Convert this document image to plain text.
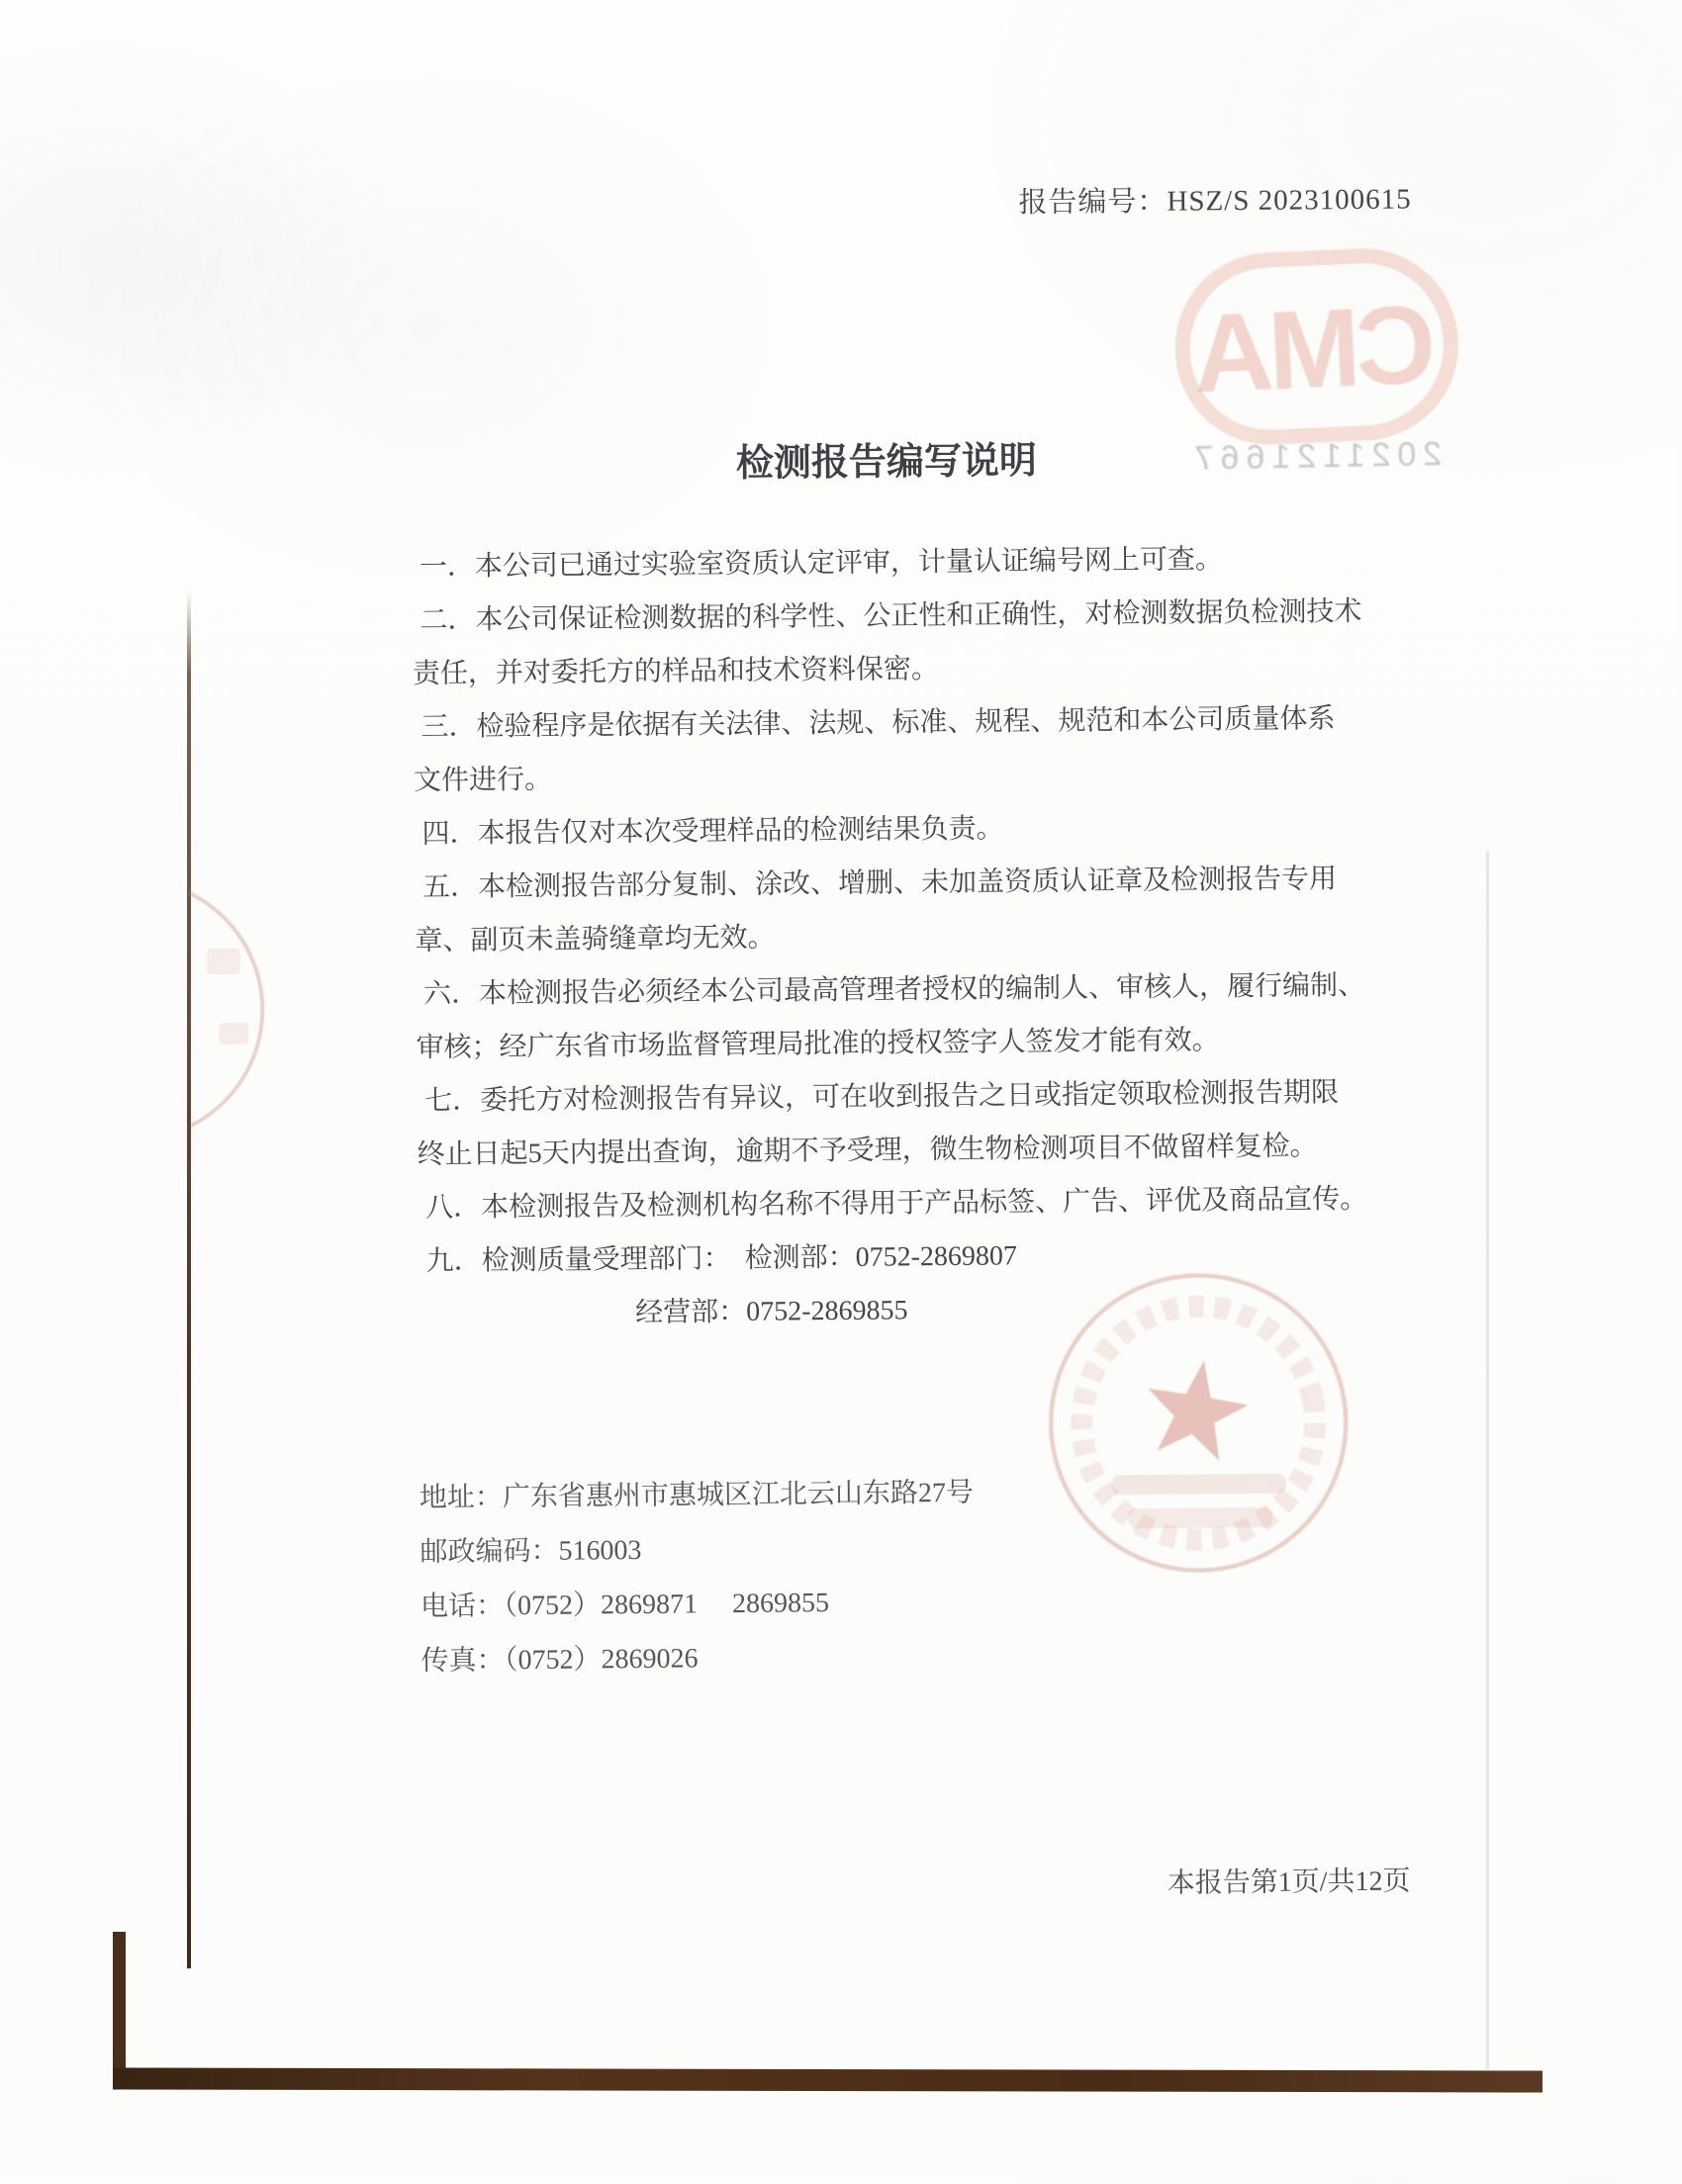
报告编号：HSZ/S 2023100615
CMA
2021121667
检测报告编写说明
一．本公司已通过实验室资质认定评审，计量认证编号网上可查。
二．本公司保证检测数据的科学性、公正性和正确性，对检测数据负检测技术
责任，并对委托方的样品和技术资料保密。
三．检验程序是依据有关法律、法规、标准、规程、规范和本公司质量体系
文件进行。
四．本报告仅对本次受理样品的检测结果负责。
五．本检测报告部分复制、涂改、增删、未加盖资质认证章及检测报告专用
章、副页未盖骑缝章均无效。
六．本检测报告必须经本公司最高管理者授权的编制人、审核人，履行编制、
审核；经广东省市场监督管理局批准的授权签字人签发才能有效。
七．委托方对检测报告有异议，可在收到报告之日或指定领取检测报告期限
终止日起5天内提出查询，逾期不予受理，微生物检测项目不做留样复检。
八．本检测报告及检测机构名称不得用于产品标签、广告、评优及商品宣传。
九．检测质量受理部门：　检测部：0752-2869807
经营部：0752-2869855
地址：广东省惠州市惠城区江北云山东路27号
邮政编码：516003
电话：（0752）2869871　 2869855
传真：（0752）2869026
本报告第1页/共12页
